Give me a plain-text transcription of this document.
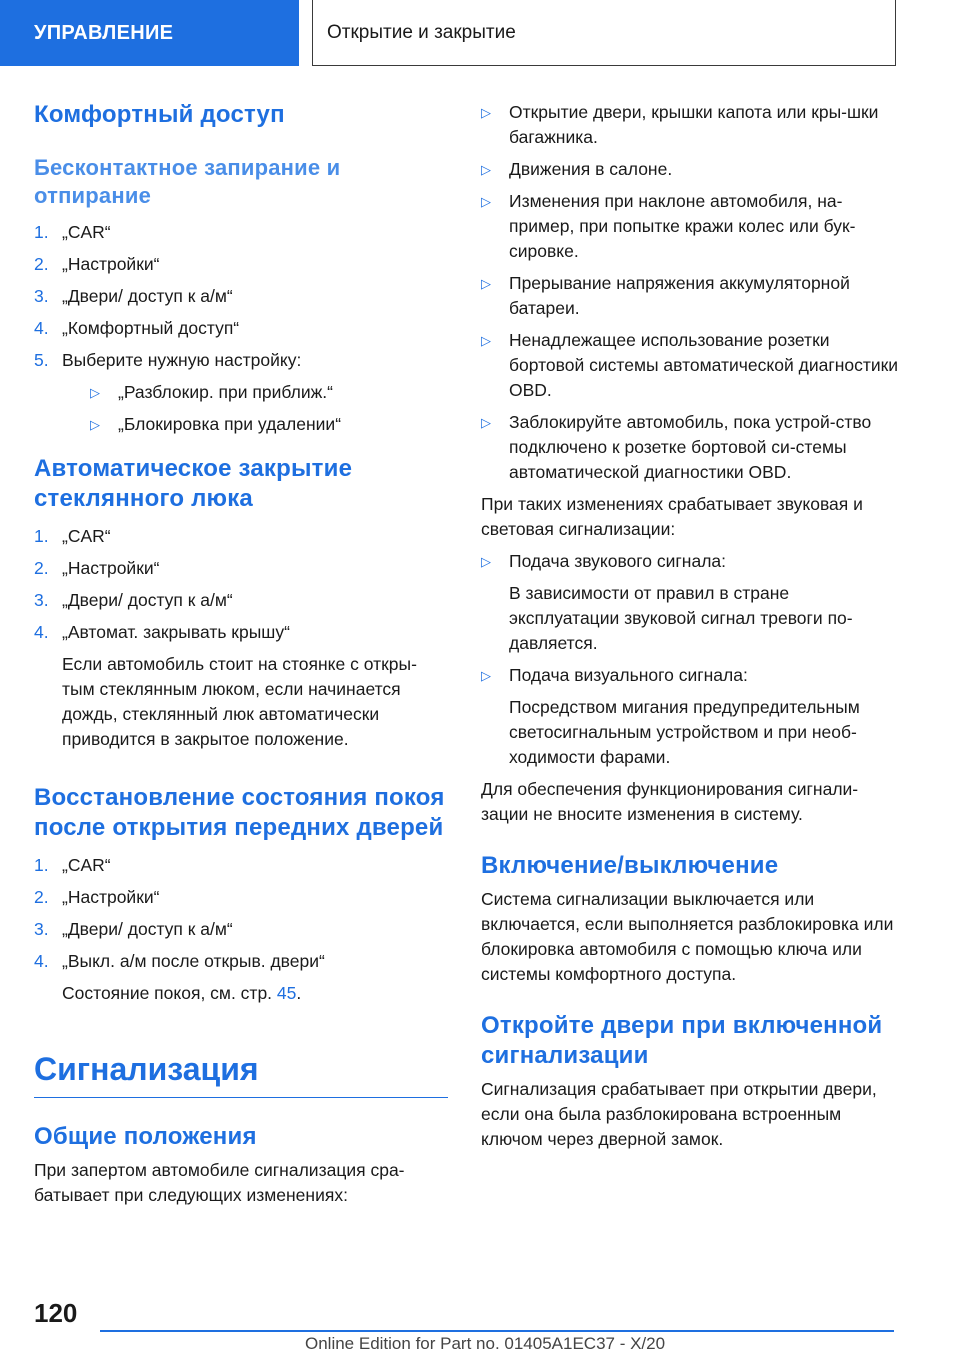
УПРАВЛЕНИЕ	Открытие и закрытие
Комфортный доступ
Бесконтактное запирание и отпирание
1. „CAR“
2. „Настройки“
3. „Двери/ доступ к а/м“
4. „Комфортный доступ“
5. Выберите нужную настройку:
▷ „Разблокир. при приближ.“
▷ „Блокировка при удалении“
Автоматическое закрытие стеклянного люка
1. „CAR“
2. „Настройки“
3. „Двери/ доступ к а/м“
4. „Автомат. закрывать крышу“
Если автомобиль стоит на стоянке с откры-тым стеклянным люком, если начинается дождь, стеклянный люк автоматически приводится в закрытое положение.
Восстановление состояния покоя после открытия передних дверей
1. „CAR“
2. „Настройки“
3. „Двери/ доступ к а/м“
4. „Выкл. а/м после открыв. двери“
Состояние покоя, см. стр. 45.
Сигнализация
Общие положения

При запертом автомобиле сигнализация сра-батывает при следующих изменениях:

▷ Открытие двери, крышки капота или кры-шки багажника.
▷ Движения в салоне.
▷ Изменения при наклоне автомобиля, на-пример, при попытке кражи колес или бук-сировке.
▷ Прерывание напряжения аккумуляторной батареи.
▷ Ненадлежащее использование розетки бортовой системы автоматической диагностики OBD.
▷ Заблокируйте автомобиль, пока устрой-ство подключено к розетке бортовой си-стемы автоматической диагностики OBD.

При таких изменениях срабатывает звуковая и световая сигнализации:

▷ Подача звукового сигнала:
В зависимости от правил в стране эксплуатации звуковой сигнал тревоги по-давляется.
▷ Подача визуального сигнала:
Посредством мигания предупредительным светосигнальным устройством и при необ-ходимости фарами.

Для обеспечения функционирования сигнали-зации не вносите изменения в систему.

Включение/выключение

Система сигнализации выключается или включается, если выполняется разблокировка или блокировка автомобиля с помощью ключа или системы комфортного доступа.

Откройте двери при включенной сигнализации

Сигнализация срабатывает при открытии двери, если она была разблокирована встроенным ключом через дверной замок.

120
Online Edition for Part no. 01405A1EC37 - X/20
